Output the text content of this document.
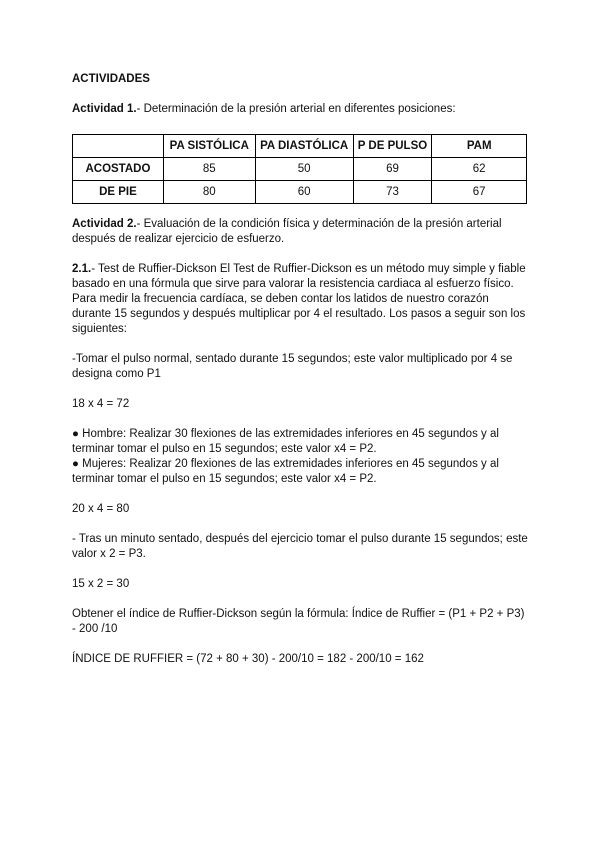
ACTIVIDADES

Actividad 1.- Determinación de la presión arterial en diferentes posiciones:

	PA SISTÓLICA	PA DIASTÓLICA	P DE PULSO	PAM
ACOSTADO	85	50	69	62
DE PIE	80	60	73	67

Actividad 2.- Evaluación de la condición física y determinación de la presión arterial después de realizar ejercicio de esfuerzo.

2.1.- Test de Ruffier-Dickson El Test de Ruffier-Dickson es un método muy simple y fiable basado en una fórmula que sirve para valorar la resistencia cardiaca al esfuerzo físico. Para medir la frecuencia cardíaca, se deben contar los latidos de nuestro corazón durante 15 segundos y después multiplicar por 4 el resultado. Los pasos a seguir son los siguientes:

-Tomar el pulso normal, sentado durante 15 segundos; este valor multiplicado por 4 se designa como P1

18 x 4 = 72

● Hombre: Realizar 30 flexiones de las extremidades inferiores en 45 segundos y al terminar tomar el pulso en 15 segundos; este valor x4 = P2.

● Mujeres: Realizar 20 flexiones de las extremidades inferiores en 45 segundos y al terminar tomar el pulso en 15 segundos; este valor x4 = P2.

20 x 4 = 80

- Tras un minuto sentado, después del ejercicio tomar el pulso durante 15 segundos; este valor x 2 = P3.

15 x 2 = 30

Obtener el índice de Ruffier-Dickson según la fórmula: Índice de Ruffier = (P1 + P2 + P3) - 200 /10

ÍNDICE DE RUFFIER = (72 + 80 + 30) - 200/10 = 182 - 200/10 = 162
